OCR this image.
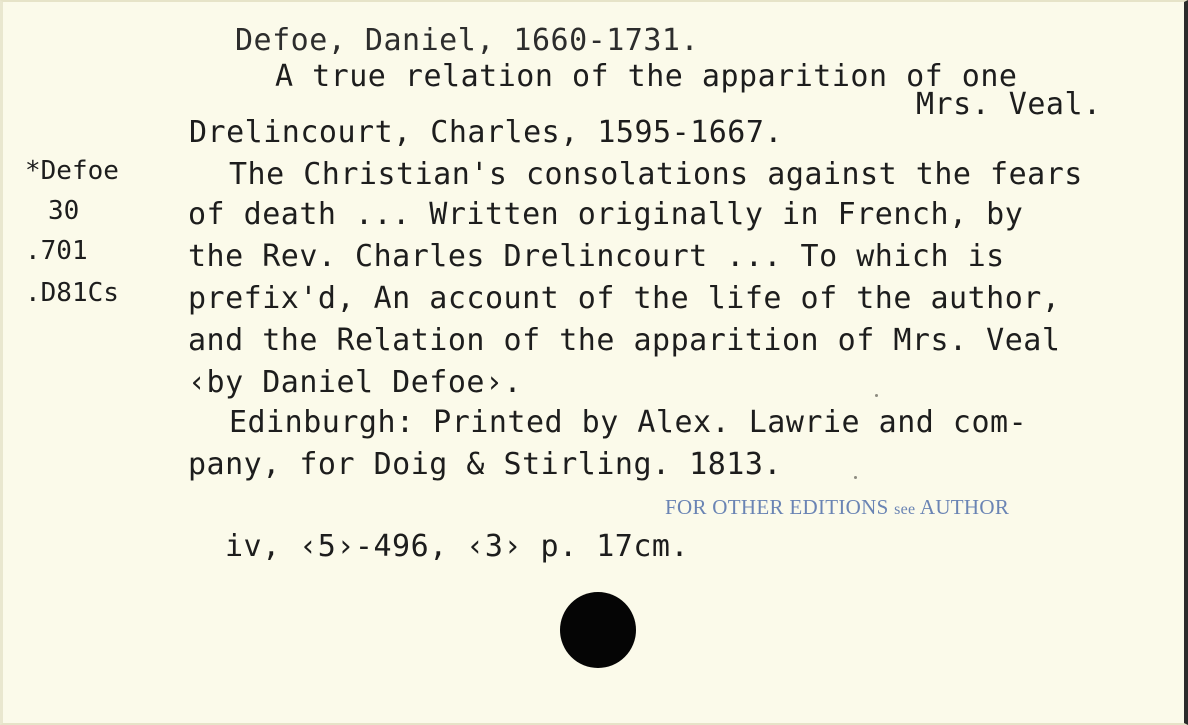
Defoe, Daniel, 1660-1731.
A true relation of the apparition of one
Mrs. Veal.
Drelincourt, Charles, 1595-1667.
*Defoe
30
.701
.D81Cs
The Christian's consolations against the fears
of death ... Written originally in French, by
the Rev. Charles Drelincourt ... To which is
prefix'd, An account of the life of the author,
and the Relation of the apparition of Mrs. Veal
‹by Daniel Defoe›.
Edinburgh: Printed by Alex. Lawrie and com-
pany, for Doig & Stirling. 1813.
FOR OTHER EDITIONS see AUTHOR
iv, ‹5›-496, ‹3› p. 17cm.
